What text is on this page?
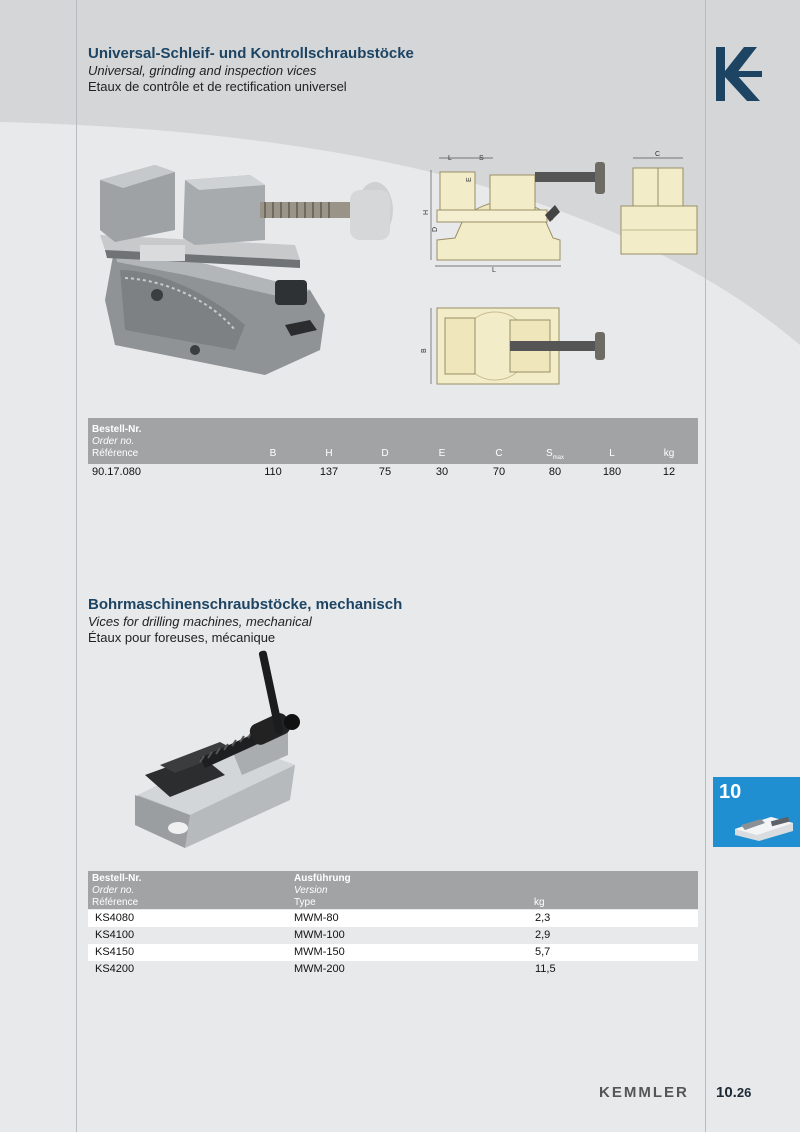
Universal-Schleif- und Kontrollschraubstöcke
Universal, grinding and inspection vices
Etaux de contrôle et de rectification universel
L	S
L
H
D
E
C
B
Bestell-Nr.
Order no.
Référence	B	H	D	E	C	$S_{max}$	L	kg
90.17.080	110	137	75	30	70	80	180	12
Bohrmaschinenschraubstöcke, mechanisch
Vices for drilling machines, mechanical
Étaux pour foreuses, mécanique
Bestell-Nr.
Order no.
Référence
Ausführung
Version
Type	kg
KS4080	MWM-80	2,3
KS4100	MWM-100	2,9
KS4150	MWM-150	5,7
KS4200	MWM-200	11,5
10
KEMMLER 10.26
